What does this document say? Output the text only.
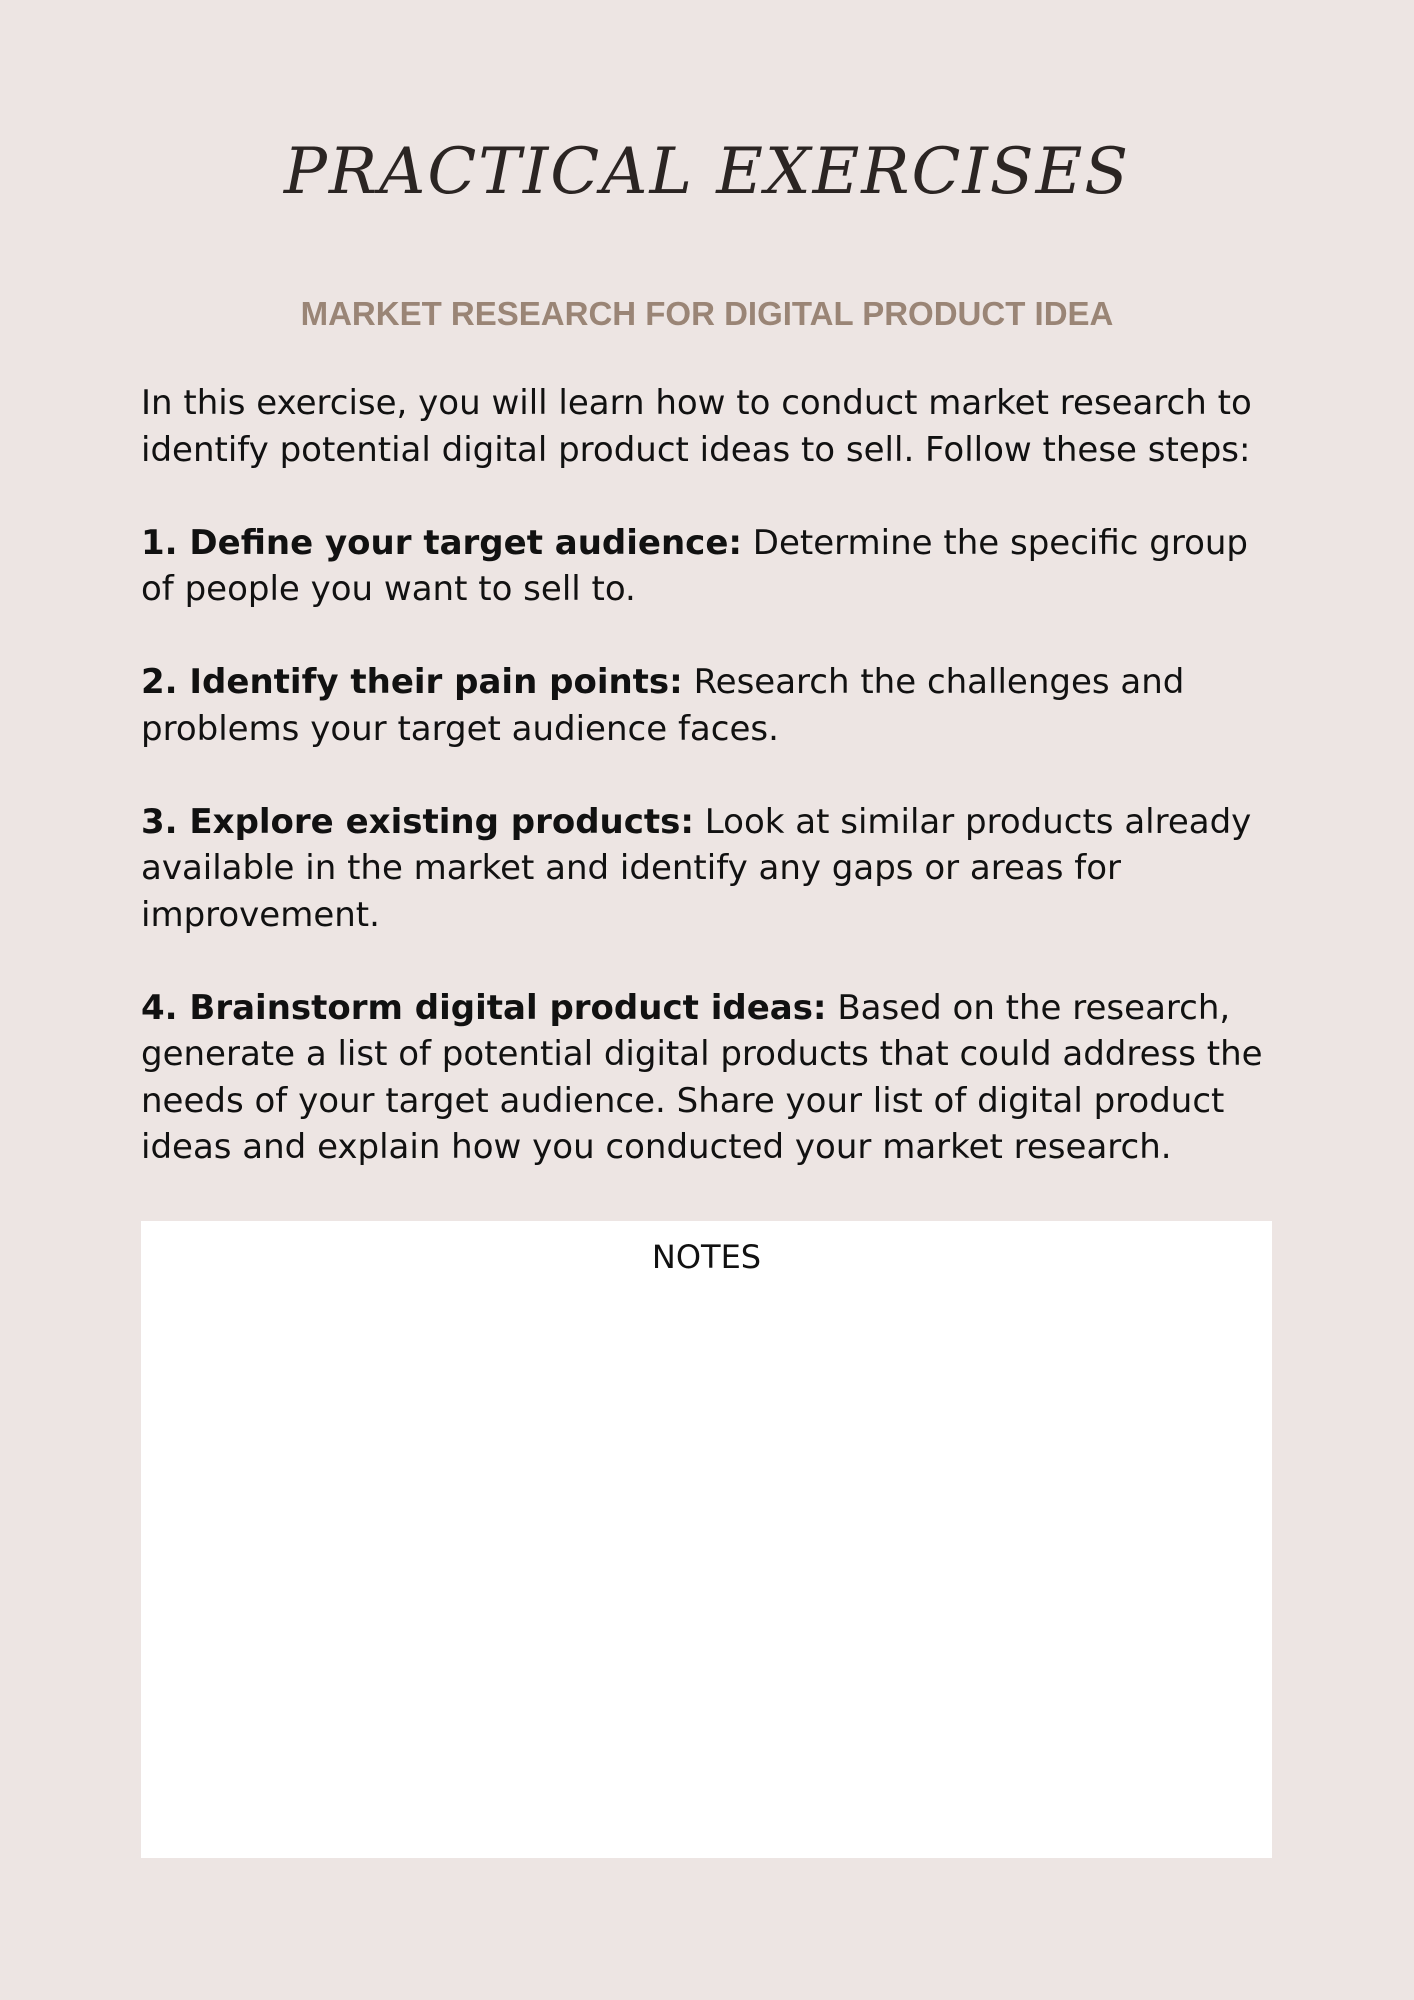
PRACTICAL EXERCISES
MARKET RESEARCH FOR DIGITAL PRODUCT IDEA

In this exercise, you will learn how to conduct market research to identify potential digital product ideas to sell. Follow these steps:

1. Define your target audience: Determine the specific group of people you want to sell to.

2. Identify their pain points: Research the challenges and problems your target audience faces.

3. Explore existing products: Look at similar products already available in the market and identify any gaps or areas for improvement.

4. Brainstorm digital product ideas: Based on the research, generate a list of potential digital products that could address the needs of your target audience. Share your list of digital product ideas and explain how you conducted your market research.

NOTES
